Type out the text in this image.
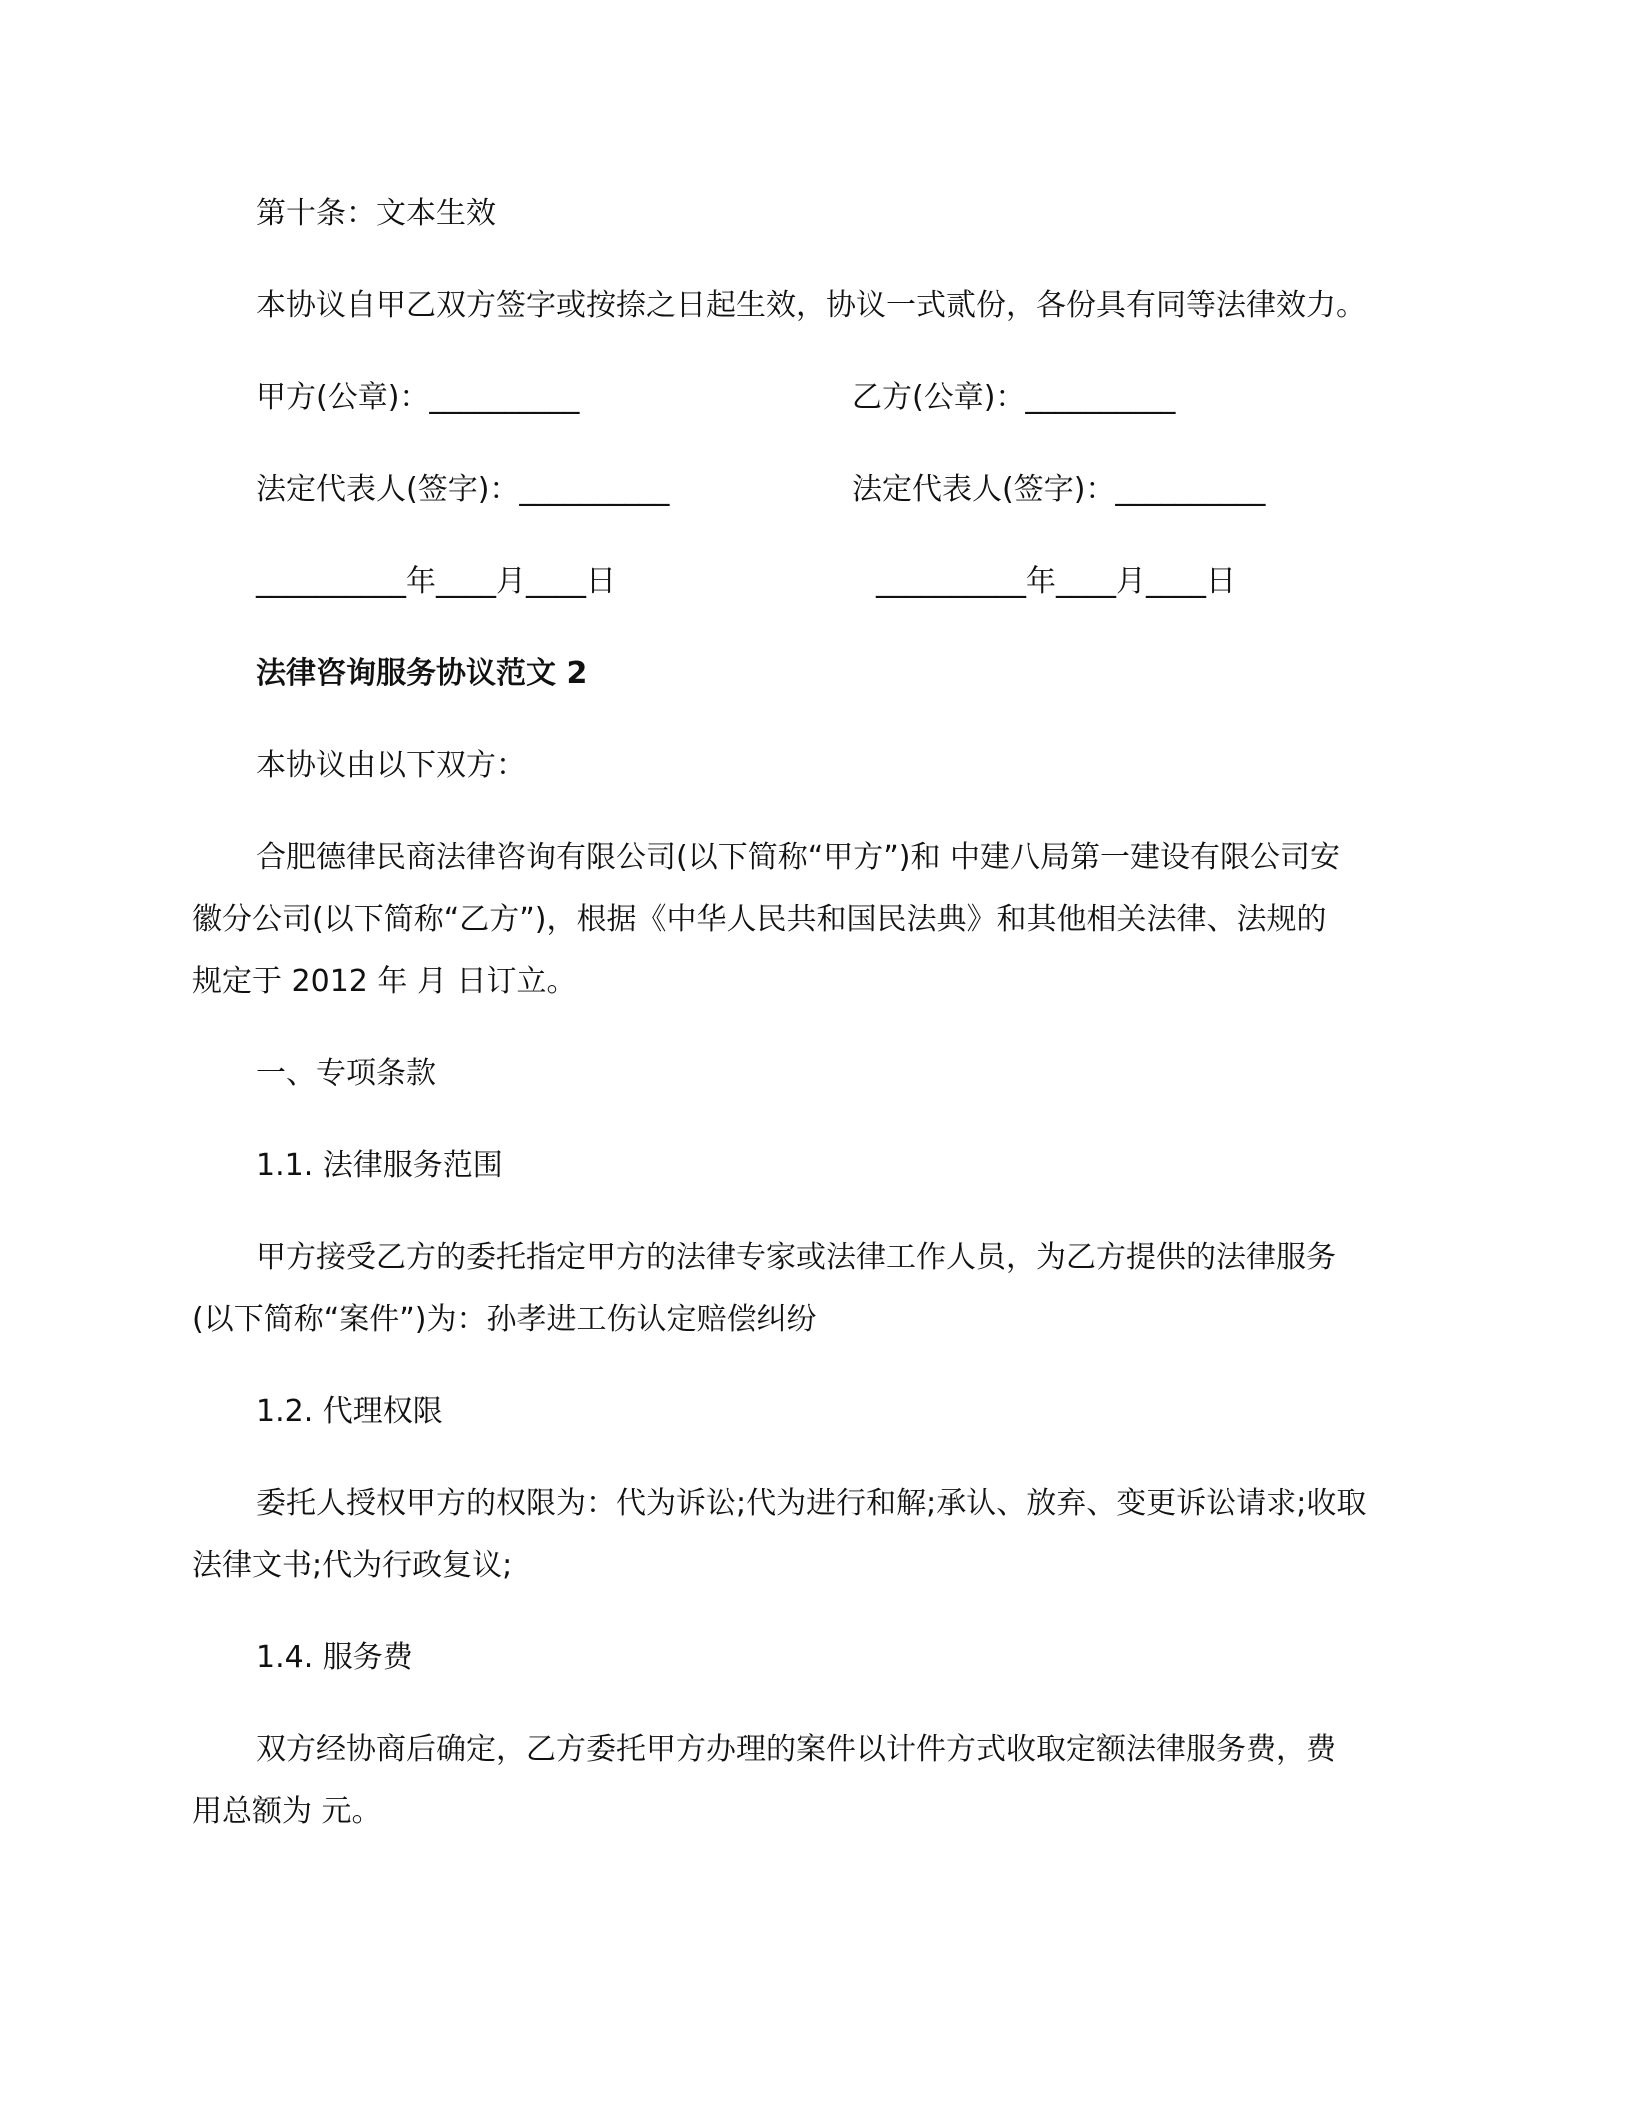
第十条：文本生效
本协议自甲乙双方签字或按捺之日起生效，协议一式贰份，各份具有同等法律效力。
甲方(公章)：__________	乙方(公章)：__________
法定代表人(签字)：__________	法定代表人(签字)：__________
__________年____月____日	__________年____月____日
法律咨询服务协议范文 2
本协议由以下双方：
合肥德律民商法律咨询有限公司(以下简称“甲方”)和 中建八局第一建设有限公司安
徽分公司(以下简称“乙方”)，根据《中华人民共和国民法典》和其他相关法律、法规的
规定于 2012 年 月 日订立。
一、专项条款
1.1. 法律服务范围
甲方接受乙方的委托指定甲方的法律专家或法律工作人员，为乙方提供的法律服务
(以下简称“案件”)为：孙孝进工伤认定赔偿纠纷
1.2. 代理权限
委托人授权甲方的权限为：代为诉讼;代为进行和解;承认、放弃、变更诉讼请求;收取
法律文书;代为行政复议;
1.4. 服务费
双方经协商后确定，乙方委托甲方办理的案件以计件方式收取定额法律服务费，费
用总额为 元。
